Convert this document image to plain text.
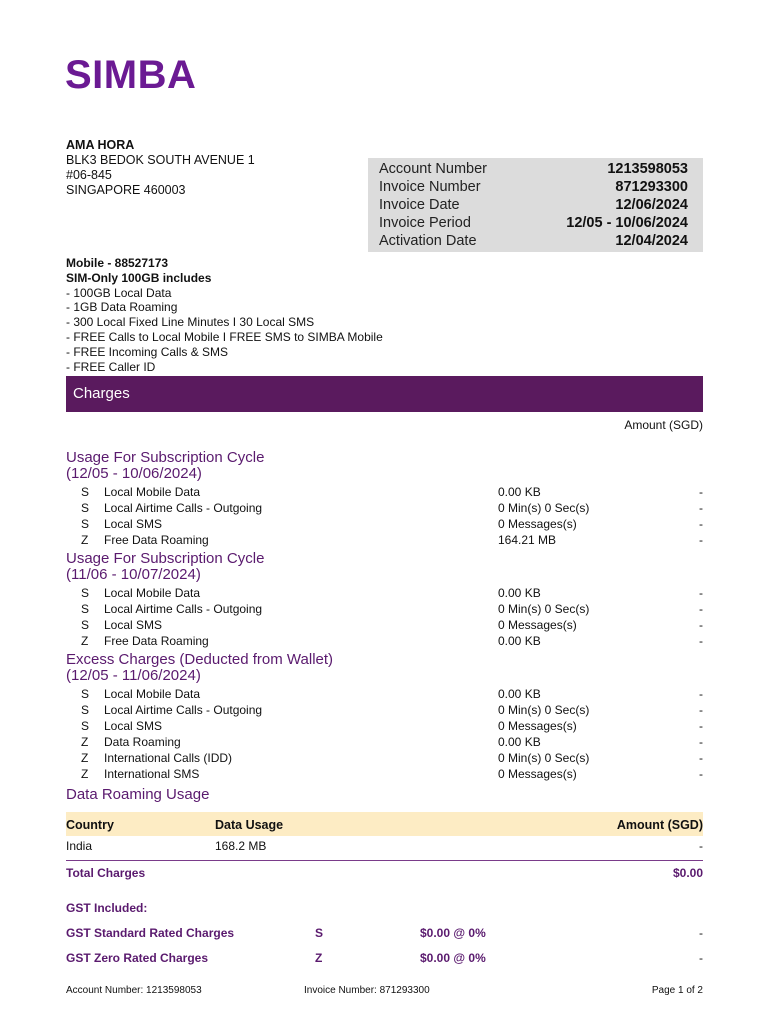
SIMBA
AMA HORA
BLK3 BEDOK SOUTH AVENUE 1
#06-845
SINGAPORE 460003
Account Number	1213598053
Invoice Number	871293300
Invoice Date	12/06/2024
Invoice Period	12/05 - 10/06/2024
Activation Date	12/04/2024
Mobile - 88527173
SIM-Only 100GB includes
- 100GB Local Data
- 1GB Data Roaming
- 300 Local Fixed Line Minutes I 30 Local SMS
- FREE Calls to Local Mobile I FREE SMS to SIMBA Mobile
- FREE Incoming Calls & SMS
- FREE Caller ID
Charges
Amount (SGD)
Usage For Subscription Cycle
(12/05 - 10/06/2024)
S Local Mobile Data	0.00 KB	-
S Local Airtime Calls - Outgoing	0 Min(s) 0 Sec(s)	-
S Local SMS	0 Messages(s)	-
Z Free Data Roaming	164.21 MB	-
Usage For Subscription Cycle
(11/06 - 10/07/2024)
S Local Mobile Data	0.00 KB	-
S Local Airtime Calls - Outgoing	0 Min(s) 0 Sec(s)	-
S Local SMS	0 Messages(s)	-
Z Free Data Roaming	0.00 KB	-
Excess Charges (Deducted from Wallet)
(12/05 - 11/06/2024)
S Local Mobile Data	0.00 KB	-
S Local Airtime Calls - Outgoing	0 Min(s) 0 Sec(s)	-
S Local SMS	0 Messages(s)	-
Z Data Roaming	0.00 KB	-
Z International Calls (IDD)	0 Min(s) 0 Sec(s)	-
Z International SMS	0 Messages(s)	-
Data Roaming Usage
Country	Data Usage	Amount (SGD)
India	168.2 MB	-
Total Charges	$0.00
GST Included:
GST Standard Rated Charges	S	$0.00 @ 0%	-
GST Zero Rated Charges	Z	$0.00 @ 0%	-
Account Number: 1213598053	Invoice Number: 871293300	Page 1 of 2
